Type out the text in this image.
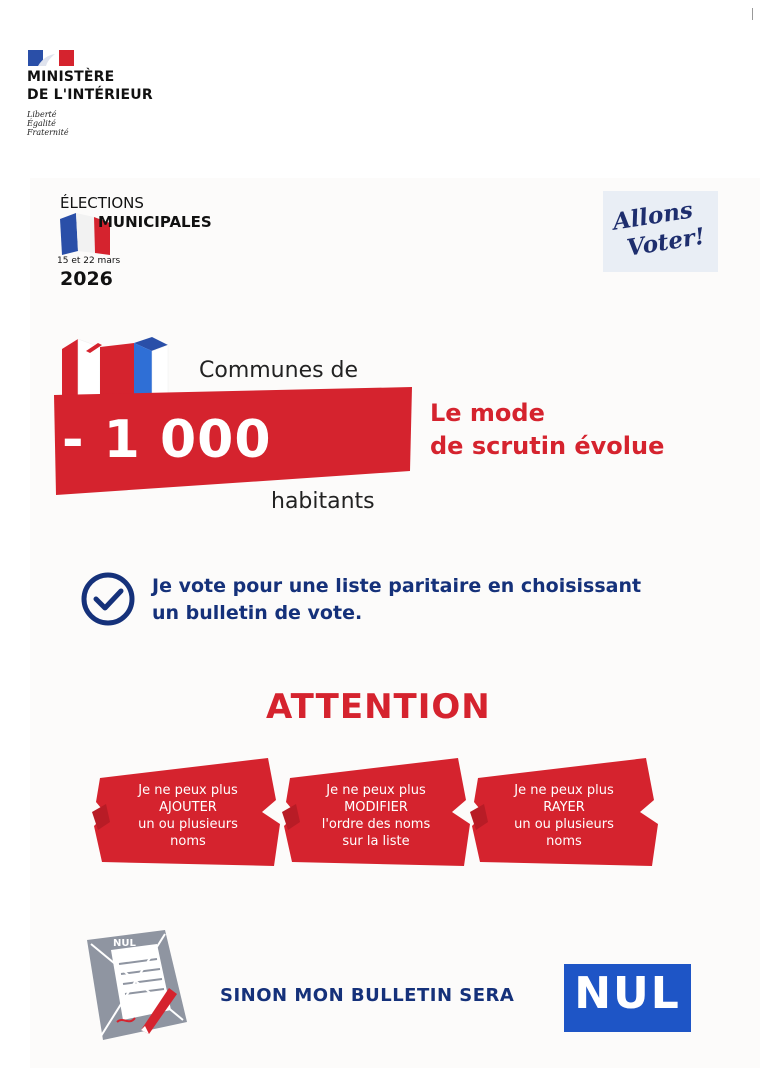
MINISTÈRE
DE L'INTÉRIEUR
Liberté
Égalité
Fraternité
ÉLECTIONS
MUNICIPALES
15 et 22 mars
2026
Allons
Voter!
Communes de
- 1 000
habitants
Le mode
de scrutin évolue
Je vote pour une liste paritaire en choisissant
un bulletin de vote.
ATTENTION
Je ne peux plus
AJOUTER
un ou plusieurs
noms
Je ne peux plus
MODIFIER
l'ordre des noms
sur la liste
Je ne peux plus
RAYER
un ou plusieurs
noms
NUL
SINON MON BULLETIN SERA NUL
